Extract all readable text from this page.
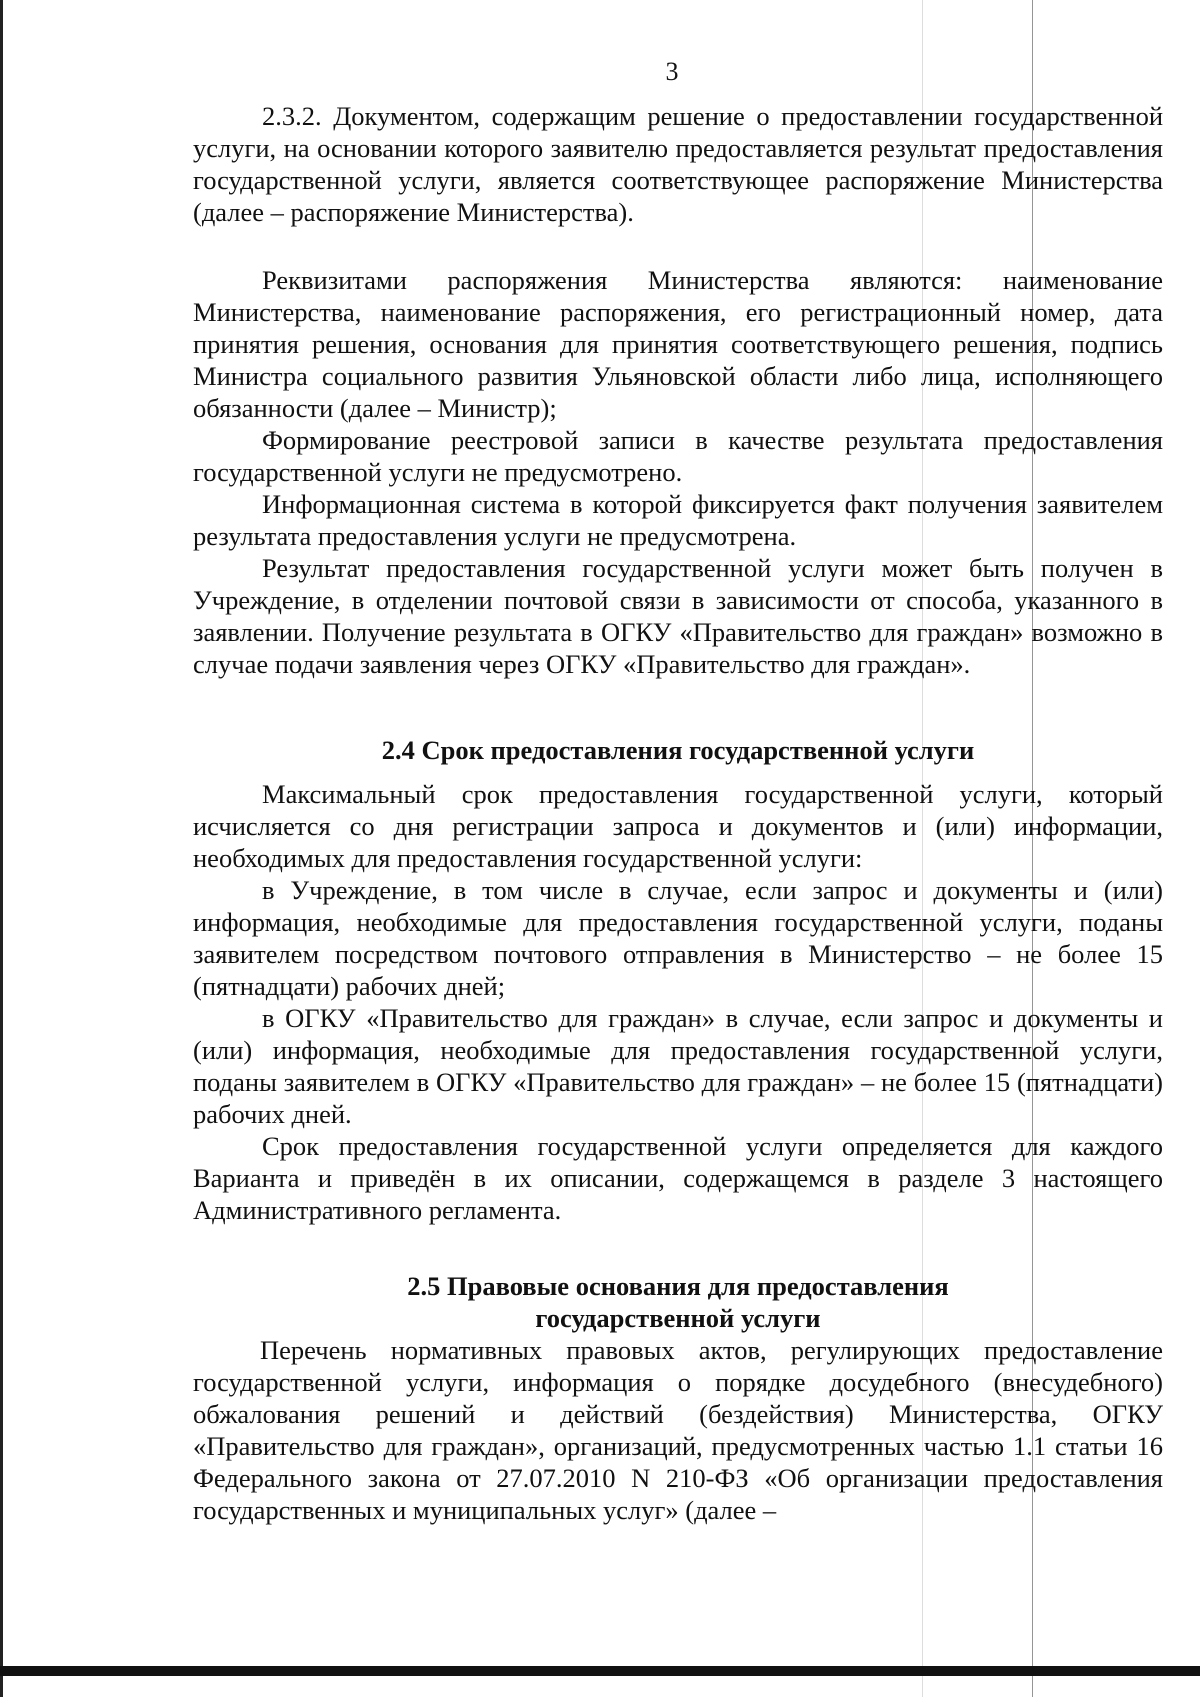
3

2.3.2. Документом, содержащим решение о предоставлении государственной услуги, на основании которого заявителю предоставляется результат предоставления государственной услуги, является соответствующее распоряжение Министерства (далее – распоряжение Министерства).

Реквизитами распоряжения Министерства являются: наименование Министерства, наименование распоряжения, его регистрационный номер, дата принятия решения, основания для принятия соответствующего решения, подпись Министра социального развития Ульяновской области либо лица, исполняющего обязанности (далее – Министр);

Формирование реестровой записи в качестве результата предоставления государственной услуги не предусмотрено.

Информационная система в которой фиксируется факт получения заявителем результата предоставления услуги не предусмотрена.

Результат предоставления государственной услуги может быть получен в Учреждение, в отделении почтовой связи в зависимости от способа, указанного в заявлении. Получение результата в ОГКУ «Правительство для граждан» возможно в случае подачи заявления через ОГКУ «Правительство для граждан».

2.4 Срок предоставления государственной услуги

Максимальный срок предоставления государственной услуги, который исчисляется со дня регистрации запроса и документов и (или) информации, необходимых для предоставления государственной услуги:

в Учреждение, в том числе в случае, если запрос и документы и (или) информация, необходимые для предоставления государственной услуги, поданы заявителем посредством почтового отправления в Министерство – не более 15 (пятнадцати) рабочих дней;

в ОГКУ «Правительство для граждан» в случае, если запрос и документы и (или) информация, необходимые для предоставления государственной услуги, поданы заявителем в ОГКУ «Правительство для граждан» – не более 15 (пятнадцати) рабочих дней.

Срок предоставления государственной услуги определяется для каждого Варианта и приведён в их описании, содержащемся в разделе 3 настоящего Административного регламента.

2.5 Правовые основания для предоставления

государственной услуги

Перечень нормативных правовых актов, регулирующих предоставление государственной услуги, информация о порядке досудебного (внесудебного) обжалования решений и действий (бездействия) Министерства, ОГКУ «Правительство для граждан», организаций, предусмотренных частью 1.1 статьи 16 Федерального закона от 27.07.2010 N 210-ФЗ «Об организации предоставления государственных и муниципальных услуг» (далее –
